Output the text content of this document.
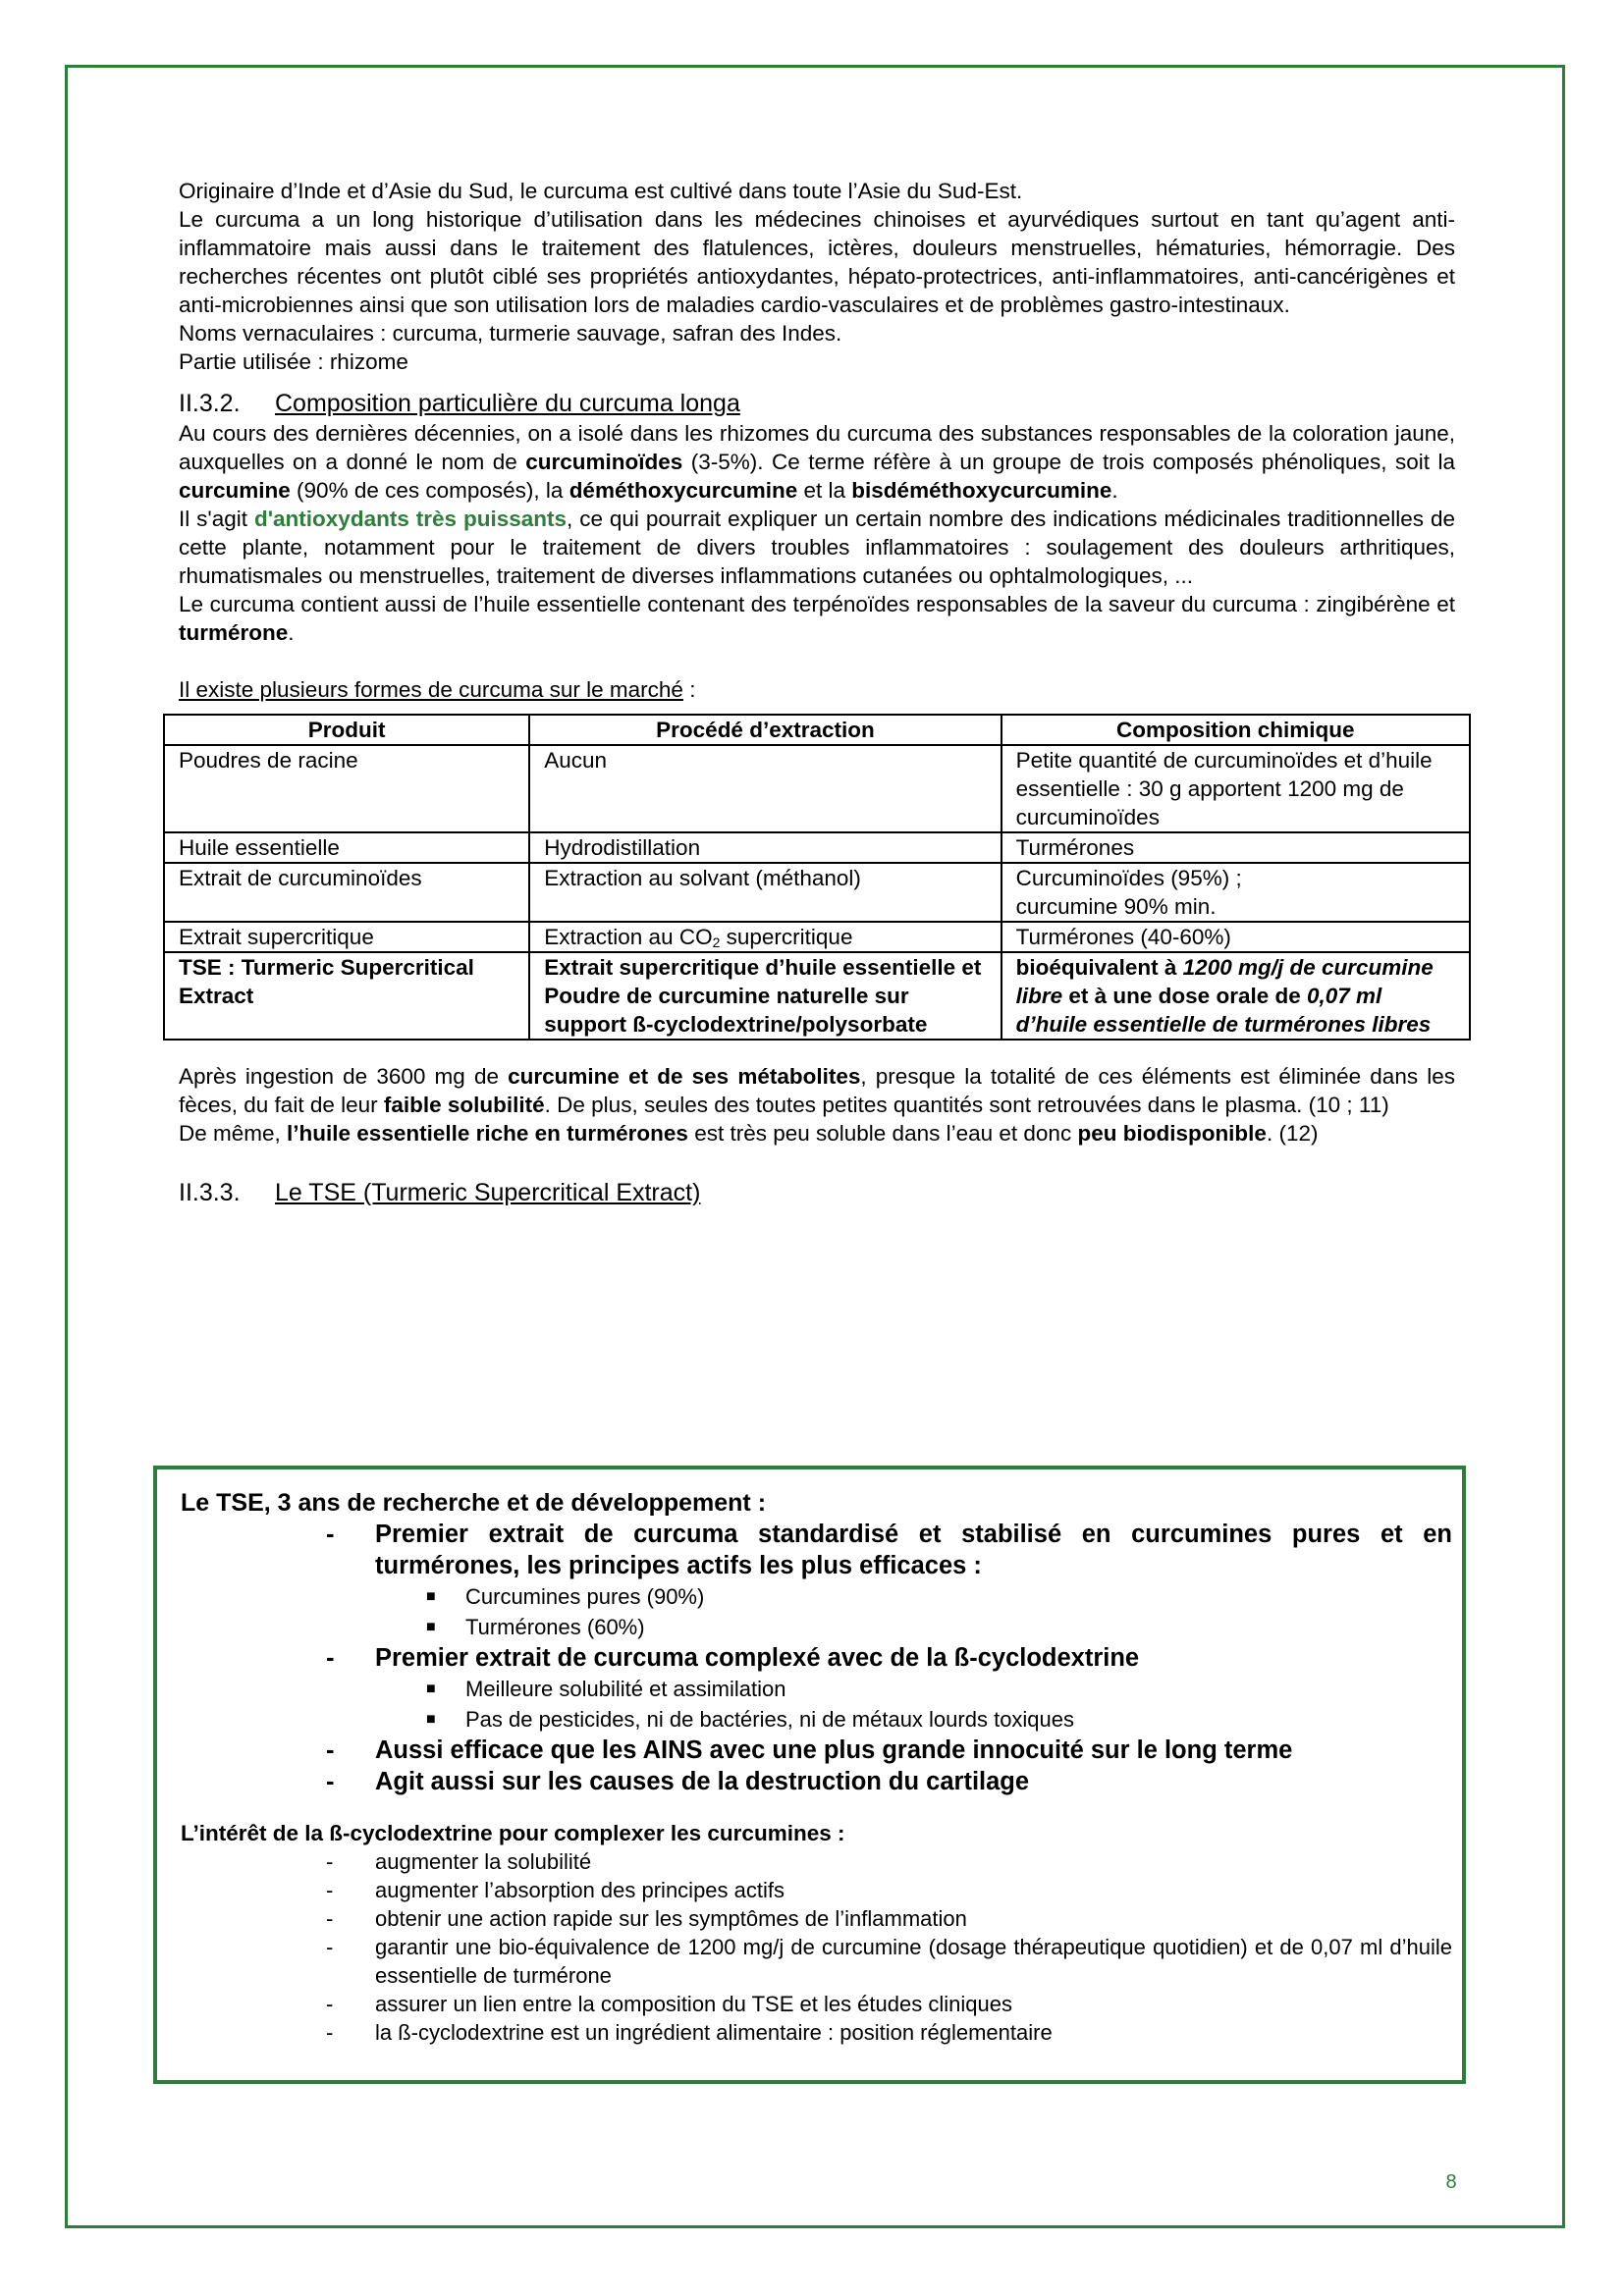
Originaire d’Inde et d’Asie du Sud, le curcuma est cultivé dans toute l’Asie du Sud-Est.

Le curcuma a un long historique d’utilisation dans les médecines chinoises et ayurvédiques surtout en tant qu’agent anti-inflammatoire mais aussi dans le traitement des flatulences, ictères, douleurs menstruelles, hématuries, hémorragie. Des recherches récentes ont plutôt ciblé ses propriétés antioxydantes, hépato-protectrices, anti-inflammatoires, anti-cancérigènes et anti-microbiennes ainsi que son utilisation lors de maladies cardio-vasculaires et de problèmes gastro-intestinaux.

Noms vernaculaires : curcuma, turmerie sauvage, safran des Indes.

Partie utilisée : rhizome

II.3.2. Composition particulière du curcuma longa

Au cours des dernières décennies, on a isolé dans les rhizomes du curcuma des substances responsables de la coloration jaune, auxquelles on a donné le nom de curcuminoïdes (3-5%). Ce terme réfère à un groupe de trois composés phénoliques, soit la curcumine (90% de ces composés), la déméthoxycurcumine et la bisdéméthoxycurcumine.

Il s'agit d'antioxydants très puissants, ce qui pourrait expliquer un certain nombre des indications médicinales traditionnelles de cette plante, notamment pour le traitement de divers troubles inflammatoires : soulagement des douleurs arthritiques, rhumatismales ou menstruelles, traitement de diverses inflammations cutanées ou ophtalmologiques, ...

Le curcuma contient aussi de l’huile essentielle contenant des terpénoïdes responsables de la saveur du curcuma : zingibérène et turmérone.

Il existe plusieurs formes de curcuma sur le marché :

Produit	Procédé d’extraction	Composition chimique
Poudres de racine	Aucun	Petite quantité de curcuminoïdes et d’huile essentielle : 30 g apportent 1200 mg de curcuminoïdes
Huile essentielle	Hydrodistillation	Turmérones
Extrait de curcuminoïdes	Extraction au solvant (méthanol)	Curcuminoïdes (95%) ;
curcumine 90% min.
Extrait supercritique	Extraction au $CO_2$ supercritique	Turmérones (40-60%)
TSE : Turmeric Supercritical Extract	Extrait supercritique d’huile essentielle et Poudre de curcumine naturelle sur support ß-cyclodextrine/polysorbate	bioéquivalent à 1200 mg/j de curcumine libre et à une dose orale de 0,07 ml d’huile essentielle de turmérones libres

Après ingestion de 3600 mg de curcumine et de ses métabolites, presque la totalité de ces éléments est éliminée dans les fèces, du fait de leur faible solubilité. De plus, seules des toutes petites quantités sont retrouvées dans le plasma. (10 ; 11)

De même, l’huile essentielle riche en turmérones est très peu soluble dans l’eau et donc peu biodisponible. (12)

II.3.3. Le TSE (Turmeric Supercritical Extract)
Le TSE, 3 ans de recherche et de développement :
-	Premier extrait de curcuma standardisé et stabilisé en curcumines pures et en turmérones, les principes actifs les plus efficaces :
■	Curcumines pures (90%)
■	Turmérones (60%)
-	Premier extrait de curcuma complexé avec de la ß-cyclodextrine
■	Meilleure solubilité et assimilation
■	Pas de pesticides, ni de bactéries, ni de métaux lourds toxiques
-	Aussi efficace que les AINS avec une plus grande innocuité sur le long terme
-	Agit aussi sur les causes de la destruction du cartilage
L’intérêt de la ß-cyclodextrine pour complexer les curcumines :
-	augmenter la solubilité
-	augmenter l’absorption des principes actifs
-	obtenir une action rapide sur les symptômes de l’inflammation
-	garantir une bio-équivalence de 1200 mg/j de curcumine (dosage thérapeutique quotidien) et de 0,07 ml d’huile essentielle de turmérone
-	assurer un lien entre la composition du TSE et les études cliniques
-	la ß-cyclodextrine est un ingrédient alimentaire : position réglementaire
8
